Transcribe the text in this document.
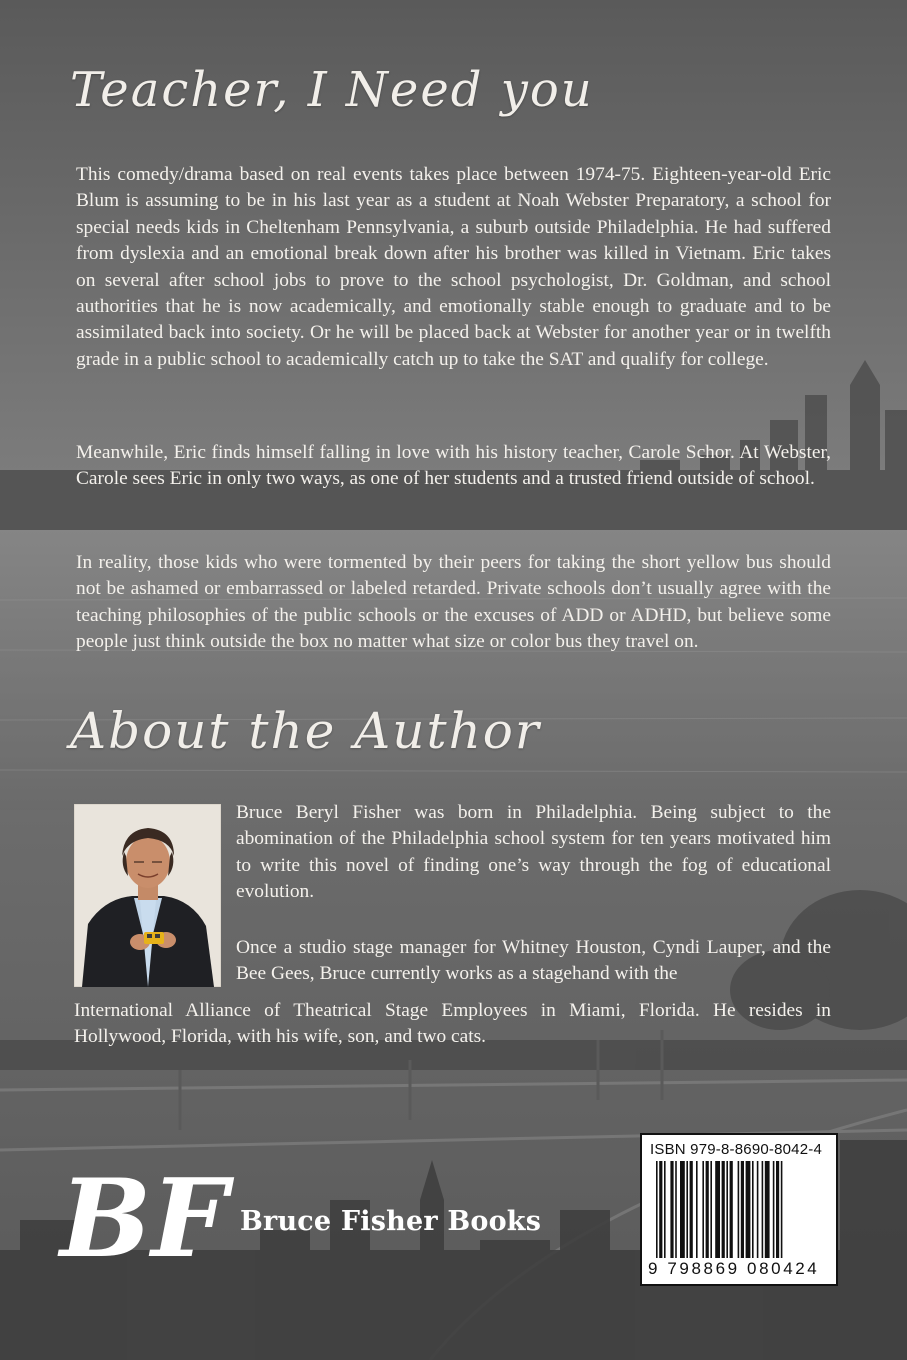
Teacher, I Need you

This comedy/drama based on real events takes place between 1974-75. Eighteen-year-old Eric Blum is assuming to be in his last year as a student at Noah Webster Preparatory, a school for special needs kids in Cheltenham Pennsylvania, a suburb outside Philadelphia. He had suffered from dyslexia and an emotional break down after his brother was killed in Vietnam. Eric takes on several after school jobs to prove to the school psychologist, Dr. Goldman, and school authorities that he is now academically, and emotionally stable enough to graduate and to be assimilated back into society. Or he will be placed back at Webster for another year or in twelfth grade in a public school to academically catch up to take the SAT and qualify for college.

Meanwhile, Eric finds himself falling in love with his history teacher, Carole Schor. At Webster, Carole sees Eric in only two ways, as one of her students and a trusted friend outside of school.

In reality, those kids who were tormented by their peers for taking the short yellow bus should not be ashamed or embarrassed or labeled retarded. Private schools don’t usually agree with the teaching philosophies of the public schools or the excuses of ADD or ADHD, but believe some people just think outside the box no matter what size or color bus they travel on.

About the Author

Bruce Beryl Fisher was born in Philadelphia. Being subject to the abomination of the Philadelphia school system for ten years motivated him to write this novel of finding one’s way through the fog of educational evolution.

Once a studio stage manager for Whitney Houston, Cyndi Lauper, and the Bee Gees, Bruce currently works as a stagehand with the

International Alliance of Theatrical Stage Employees in Miami, Florida. He resides in Hollywood, Florida, with his wife, son, and two cats.

BF Bruce Fisher Books
ISBN 979-8-8690-8042-4
9 798869 080424
